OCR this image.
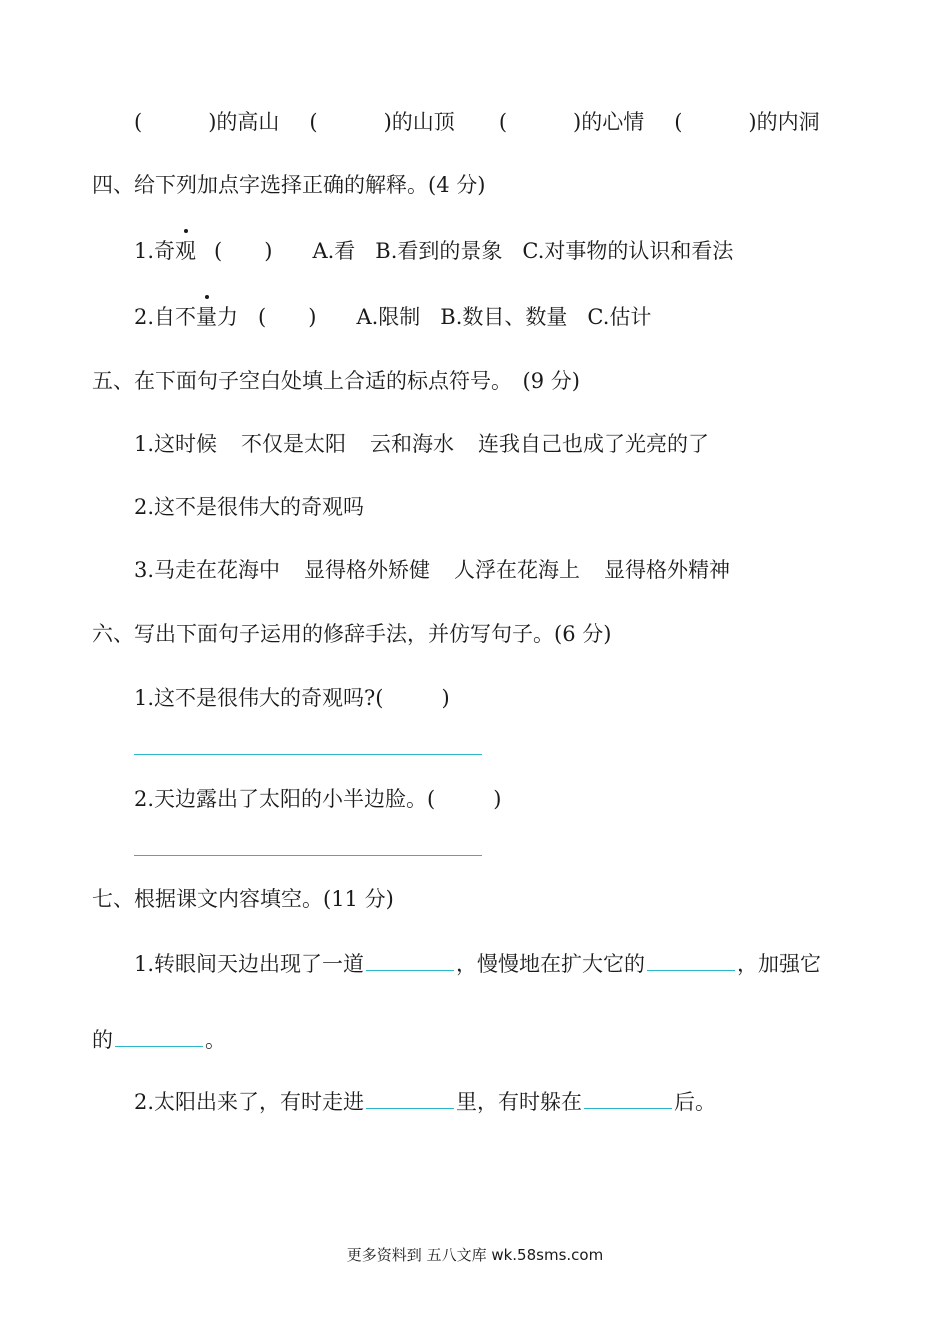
(	)的高山 (	)的山顶 (	)的心情 (	)的内洞
四、给下列加点字选择正确的解释。(4 分)
1.奇观 (　　) A.看 B.看到的景象 C.对事物的认识和看法
2.自不量力 (　　) A.限制 B.数目、数量 C.估计
五、在下面句子空白处填上合适的标点符号。　(9 分)
1.这时候 不仅是太阳 云和海水 连我自己也成了光亮的了
2.这不是很伟大的奇观吗
3.马走在花海中 显得格外矫健 人浮在花海上 显得格外精神
六、写出下面句子运用的修辞手法，并仿写句子。(6 分)
1.这不是很伟大的奇观吗?(	)
2.天边露出了太阳的小半边脸。(	)
七、根据课文内容填空。(11 分)
1.转眼间天边出现了一道	，慢慢地在扩大它的	，加强它
的	。
2.太阳出来了，有时走进	里，有时躲在	后。
更多资料到 五八文库 wk.58sms.com
